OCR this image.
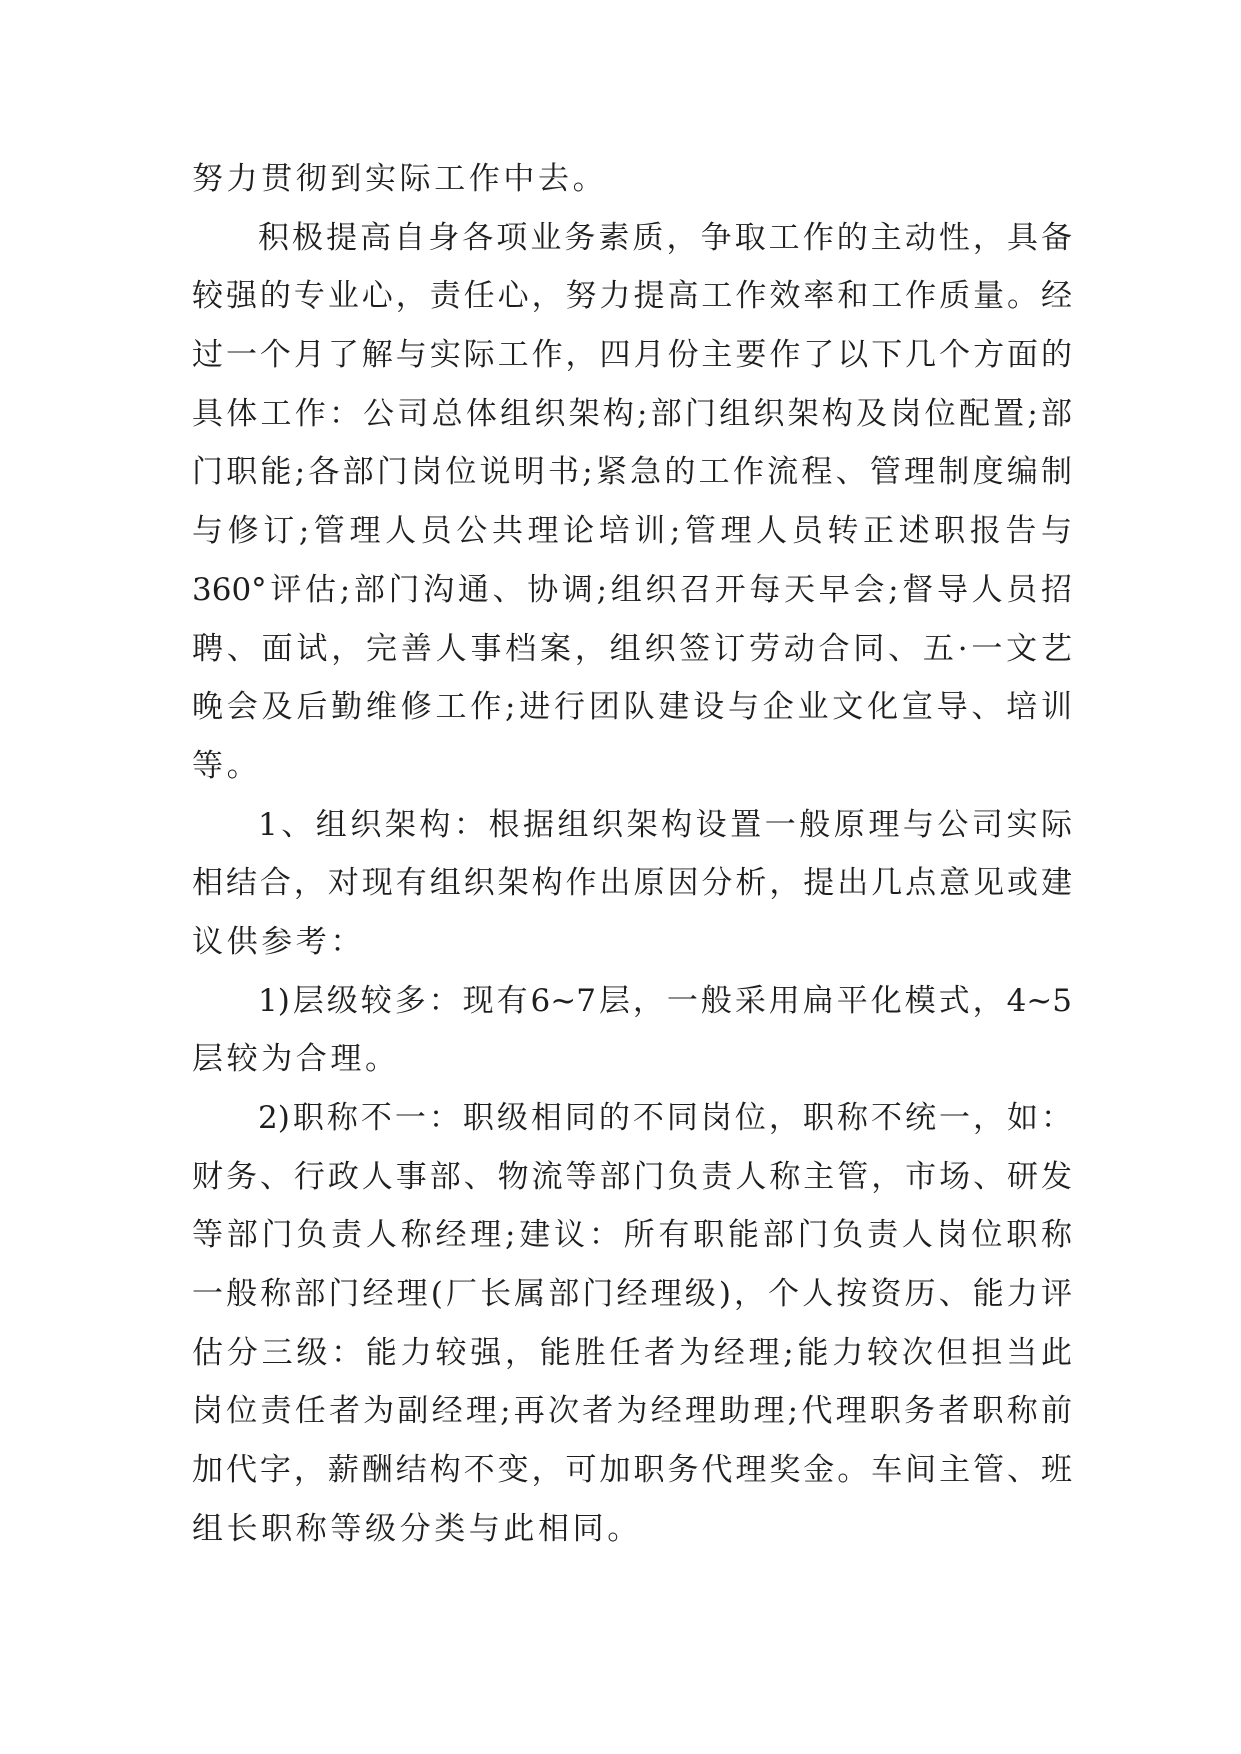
努力贯彻到实际工作中去。
积极提高自身各项业务素质，争取工作的主动性，具备
较强的专业心，责任心，努力提高工作效率和工作质量。经
过一个月了解与实际工作，四月份主要作了以下几个方面的
具体工作：公司总体组织架构;部门组织架构及岗位配置;部
门职能;各部门岗位说明书;紧急的工作流程、管理制度编制
与修订;管理人员公共理论培训;管理人员转正述职报告与
360°评估;部门沟通、协调;组织召开每天早会;督导人员招
聘、面试，完善人事档案，组织签订劳动合同、五·一文艺
晚会及后勤维修工作;进行团队建设与企业文化宣导、培训
等。
1、组织架构：根据组织架构设置一般原理与公司实际
相结合，对现有组织架构作出原因分析，提出几点意见或建
议供参考：
1)层级较多：现有6~7层，一般采用扁平化模式，4~5
层较为合理。
2)职称不一：职级相同的不同岗位，职称不统一，如：
财务、行政人事部、物流等部门负责人称主管，市场、研发
等部门负责人称经理;建议：所有职能部门负责人岗位职称
一般称部门经理(厂长属部门经理级)，个人按资历、能力评
估分三级：能力较强，能胜任者为经理;能力较次但担当此
岗位责任者为副经理;再次者为经理助理;代理职务者职称前
加代字，薪酬结构不变，可加职务代理奖金。车间主管、班
组长职称等级分类与此相同。
